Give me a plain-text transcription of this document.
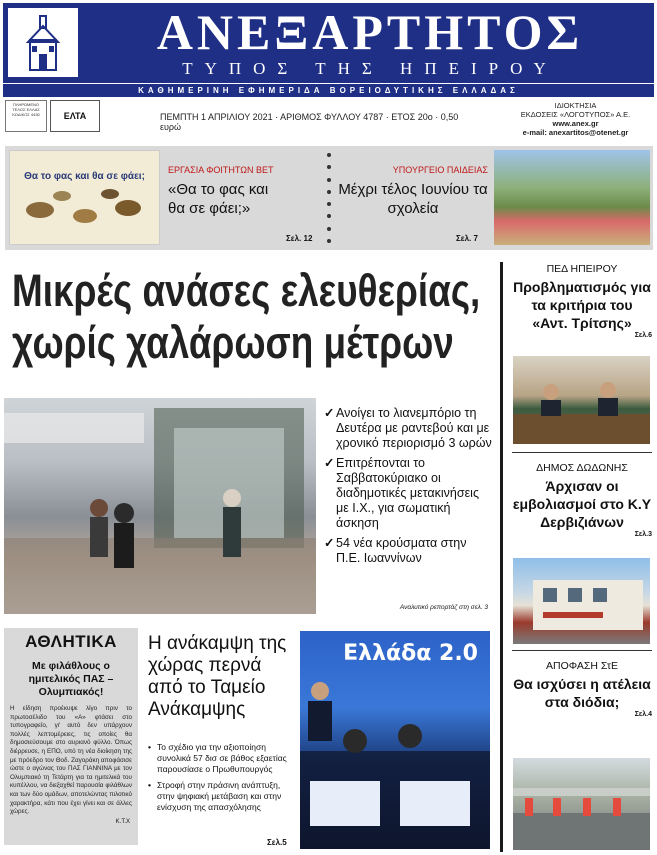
ΑΝΕΞΑΡΤΗΤΟΣ
ΤΥΠΟΣ ΤΗΣ ΗΠΕΙΡΟΥ
ΚΑΘΗΜΕΡΙΝΗ ΕΦΗΜΕΡΙΔΑ ΒΟΡΕΙΟΔΥΤΙΚΗΣ ΕΛΛΑΔΑΣ
ΠΛΗΡΩΜΕΝΟ ΤΕΛΟΣ ΕΛΛΑΣ ΚΩΔΙΚΟΣ 4430	ΕΛΤΑ	ΠΕΜΠΤΗ 1 ΑΠΡΙΛΙΟΥ 2021 · ΑΡΙΘΜΟΣ ΦΥΛΛΟΥ 4787 · ΕΤΟΣ 20ο · 0,50 ευρώ
ΙΔΙΟΚΤΗΣΙΑ
ΕΚΔΟΣΕΙΣ «ΛΟΓΟΤΥΠΟΣ» Α.Ε.
www.anex.gr
e-mail: anexartitos@otenet.gr
Θα το φας και θα σε φάει;
ΕΡΓΑΣΙΑ ΦΟΙΤΗΤΩΝ ΒΕΤ
«Θα το φας και θα σε φάει;»
Σελ. 12
ΥΠΟΥΡΓΕΙΟ ΠΑΙΔΕΙΑΣ
Μέχρι τέλος Ιουνίου τα σχολεία
Σελ. 7
Μικρές ανάσες ελευθερίας,
χωρίς χαλάρωση μέτρων
✓ Ανοίγει το λιανεμπόριο τη Δευτέρα με ραντεβού και με χρονικό περιορισμό 3 ωρών
✓ Επιτρέπονται το Σαββατοκύριακο οι διαδημοτικές μετακινήσεις με Ι.Χ., για σωματική άσκηση
✓ 54 νέα κρούσματα στην Π.Ε. Ιωαννίνων
Αναλυτικό ρεπορτάζ στη σελ. 3
ΠΕΔ ΗΠΕΙΡΟΥ
Προβληματισμός για τα κριτήρια του «Αντ. Τρίτσης»
Σελ.6
ΔΗΜΟΣ ΔΩΔΩΝΗΣ
Άρχισαν οι εμβολιασμοί στο Κ.Υ Δερβιζιάνων
Σελ.3
ΑΠΟΦΑΣΗ ΣτΕ
Θα ισχύσει η ατέλεια στα διόδια;
Σελ.4
ΑΘΛΗΤΙΚΑ
Με φιλάθλους ο ημιτελικός ΠΑΣ – Ολυμπιακός!
Η είδηση προέκυψε λίγο πριν το πρωτοσέλιδο του «Α» φτάσει στο τυπογραφείο, γι' αυτό δεν υπάρχουν πολλές λεπτομέρειες, τις οποίες θα δημοσιεύσουμε στο αυριανό φύλλο. Όπως διέρρευσε, η ΕΠΟ, υπό τη νέα διοίκηση της με πρόεδρο τον Θοδ. Ζαγοράκη αποφάσισε ώστε ο αγώνας του ΠΑΣ ΓΙΑΝΝΙΝΑ με τον Ολυμπιακό τη Τετάρτη για τα ημιτελικά του κυπέλλου, να διεξαχθεί παρουσία φιλάθλων και των δύο ομάδων, αποτελώντας πιλοτικό χαρακτήρα, κάτι που έχει γίνει και σε άλλες χώρες.
Κ.Τ.Χ
Η ανάκαμψη της χώρας περνά από το Ταμείο Ανάκαμψης
• Το σχέδιο για την αξιοποίηση συνολικά 57 δισ σε βάθος εξαετίας παρουσίασε ο Πρωθυπουργός
• Στροφή στην πράσινη ανάπτυξη, στην ψηφιακή μετάβαση και στην ενίσχυση της απασχόλησης
Σελ.5
Ελλάδα 2.0
